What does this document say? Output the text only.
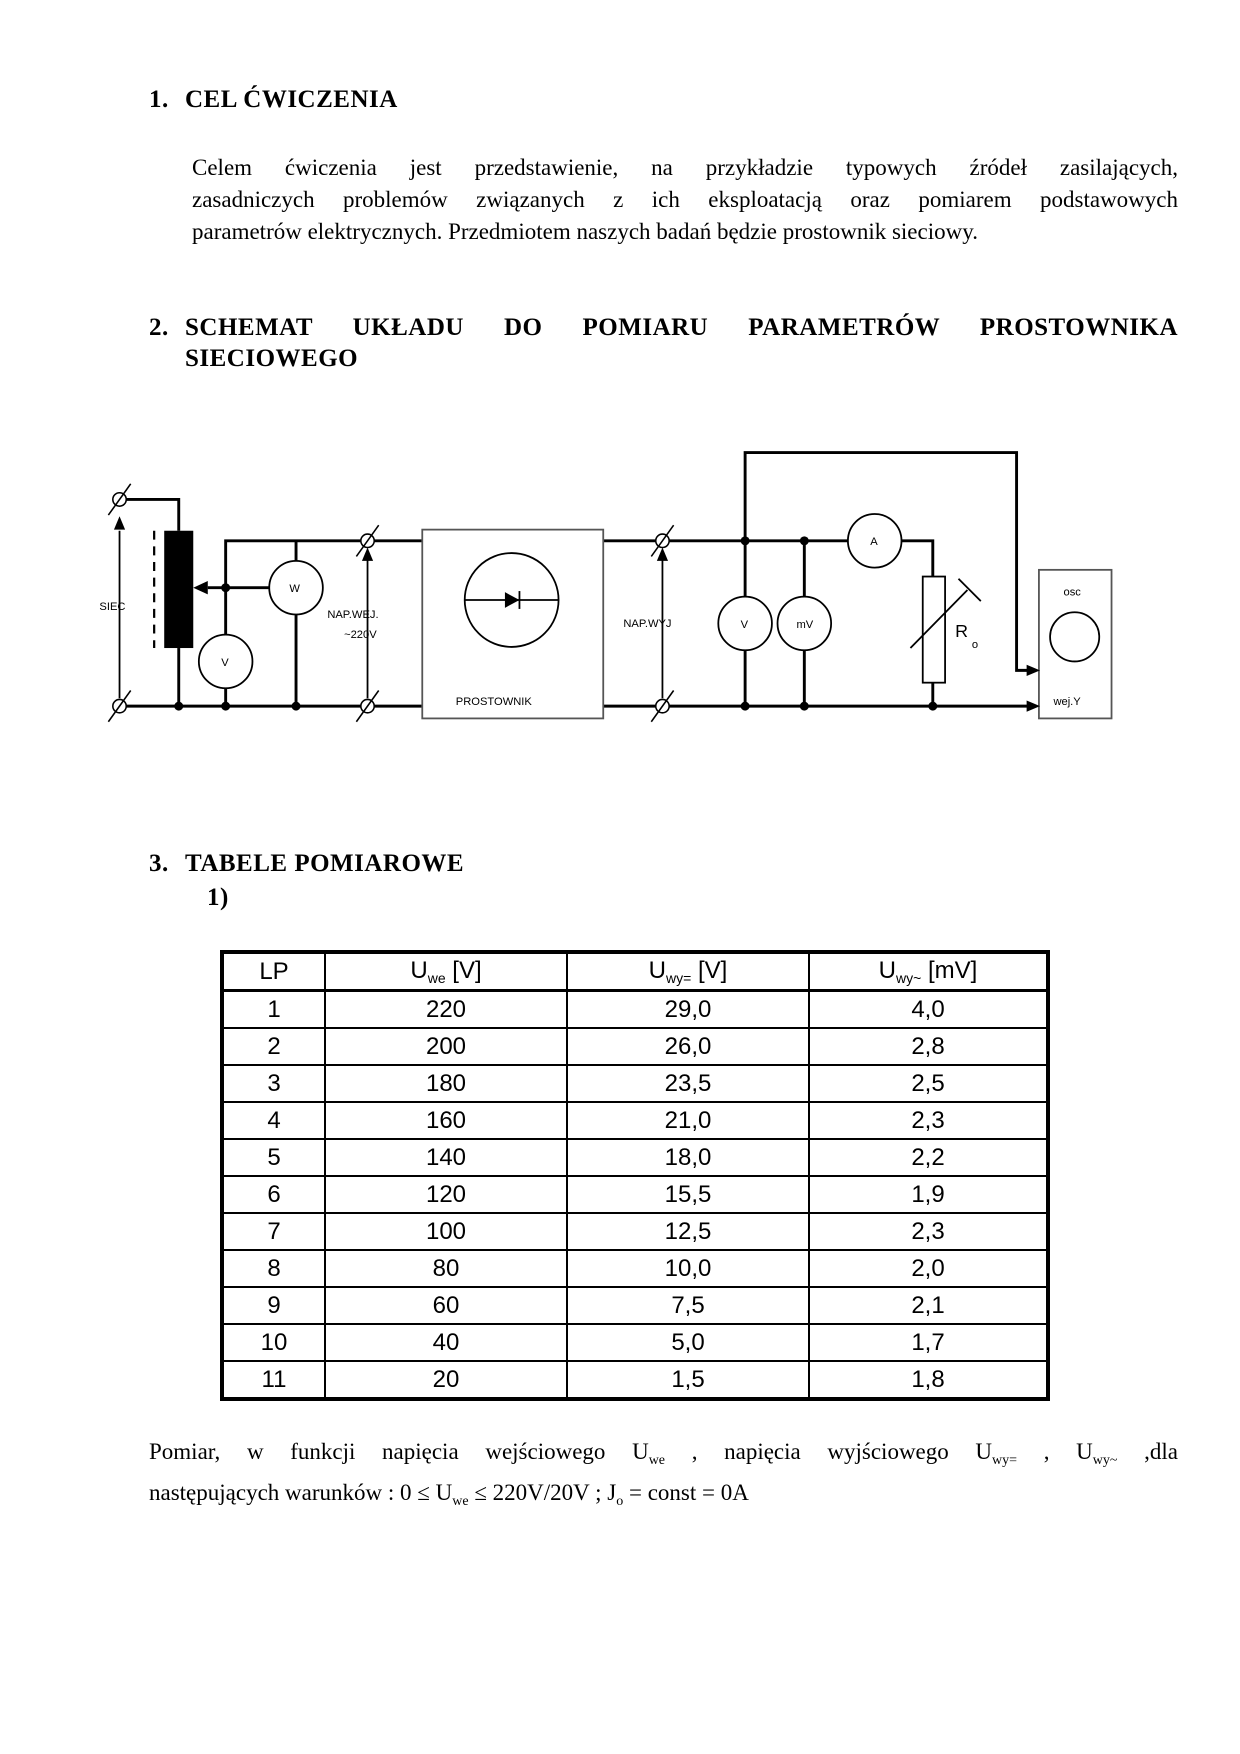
1. CEL ĆWICZENIA
Celem ćwiczenia jest przedstawienie, na przykładzie typowych źródeł zasilających,
zasadniczych problemów związanych z ich eksploatacją oraz pomiarem podstawowych
parametrów elektrycznych. Przedmiotem naszych badań będzie prostownik sieciowy.
2. SCHEMAT UKŁADU DO POMIARU PARAMETRÓW PROSTOWNIKA
SIECIOWEGO
SIEC
W
V
NAP.WEJ.
~220V
PROSTOWNIK
NAP.WYJ	V	mV
A
osc
wej.Y
R
o
3. TABELE POMIAROWE
1)
LP	$U_{we}$ [V]	$U_{wy=}$ [V]	$U_{wy\sim}$ [mV]
1	220	29,0	4,0
2	200	26,0	2,8
3	180	23,5	2,5
4	160	21,0	2,3
5	140	18,0	2,2
6	120	15,5	1,9
7	100	12,5	2,3
8	80	10,0	2,0
9	60	7,5	2,1
10	40	5,0	1,7
11	20	1,5	1,8
Pomiar, w funkcji napięcia wejściowego $U_{we}$ , napięcia wyjściowego $U_{wy=}$ , $U_{wy\sim}$ ,dla
następujących warunków : $0 \le U_{we} \le 220V/20V$ ; $J_o$ = const = 0A
